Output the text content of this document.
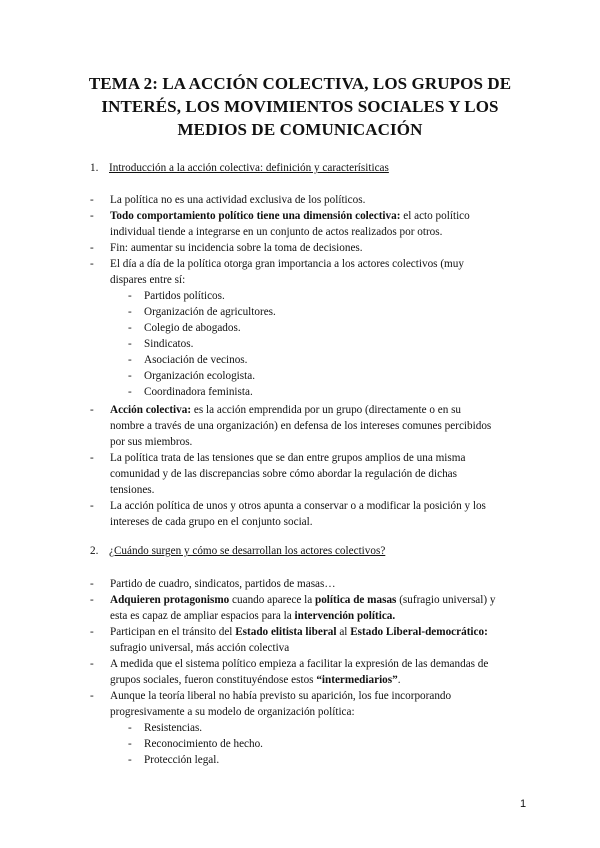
TEMA 2: LA ACCIÓN COLECTIVA, LOS GRUPOS DE
INTERÉS, LOS MOVIMIENTOS SOCIALES Y LOS
MEDIOS DE COMUNICACIÓN
1. Introducción a la acción colectiva: definición y caracterísiticas
- La política no es una actividad exclusiva de los políticos.
- Todo comportamiento político tiene una dimensión colectiva: el acto político
individual tiende a integrarse en un conjunto de actos realizados por otros.
- Fin: aumentar su incidencia sobre la toma de decisiones.
- El día a día de la política otorga gran importancia a los actores colectivos (muy
dispares entre sí:
- Partidos políticos.
- Organización de agricultores.
- Colegio de abogados.
- Sindicatos.
- Asociación de vecinos.
- Organización ecologista.
- Coordinadora feminista.
- Acción colectiva: es la acción emprendida por un grupo (directamente o en su
nombre a través de una organización) en defensa de los intereses comunes percibidos
por sus miembros.
- La política trata de las tensiones que se dan entre grupos amplios de una misma
comunidad y de las discrepancias sobre cómo abordar la regulación de dichas
tensiones.
- La acción política de unos y otros apunta a conservar o a modificar la posición y los
intereses de cada grupo en el conjunto social.
2. ¿Cuándo surgen y cómo se desarrollan los actores colectivos?
- Partido de cuadro, sindicatos, partidos de masas…
- Adquieren protagonismo cuando aparece la política de masas (sufragio universal) y
esta es capaz de ampliar espacios para la intervención política.
- Participan en el tránsito del Estado elitista liberal al Estado Liberal-democrático:
sufragio universal, más acción colectiva
- A medida que el sistema político empieza a facilitar la expresión de las demandas de
grupos sociales, fueron constituyéndose estos “intermediarios”.
- Aunque la teoría liberal no había previsto su aparición, los fue incorporando
progresivamente a su modelo de organización política:
- Resistencias.
- Reconocimiento de hecho.
- Protección legal.
1
